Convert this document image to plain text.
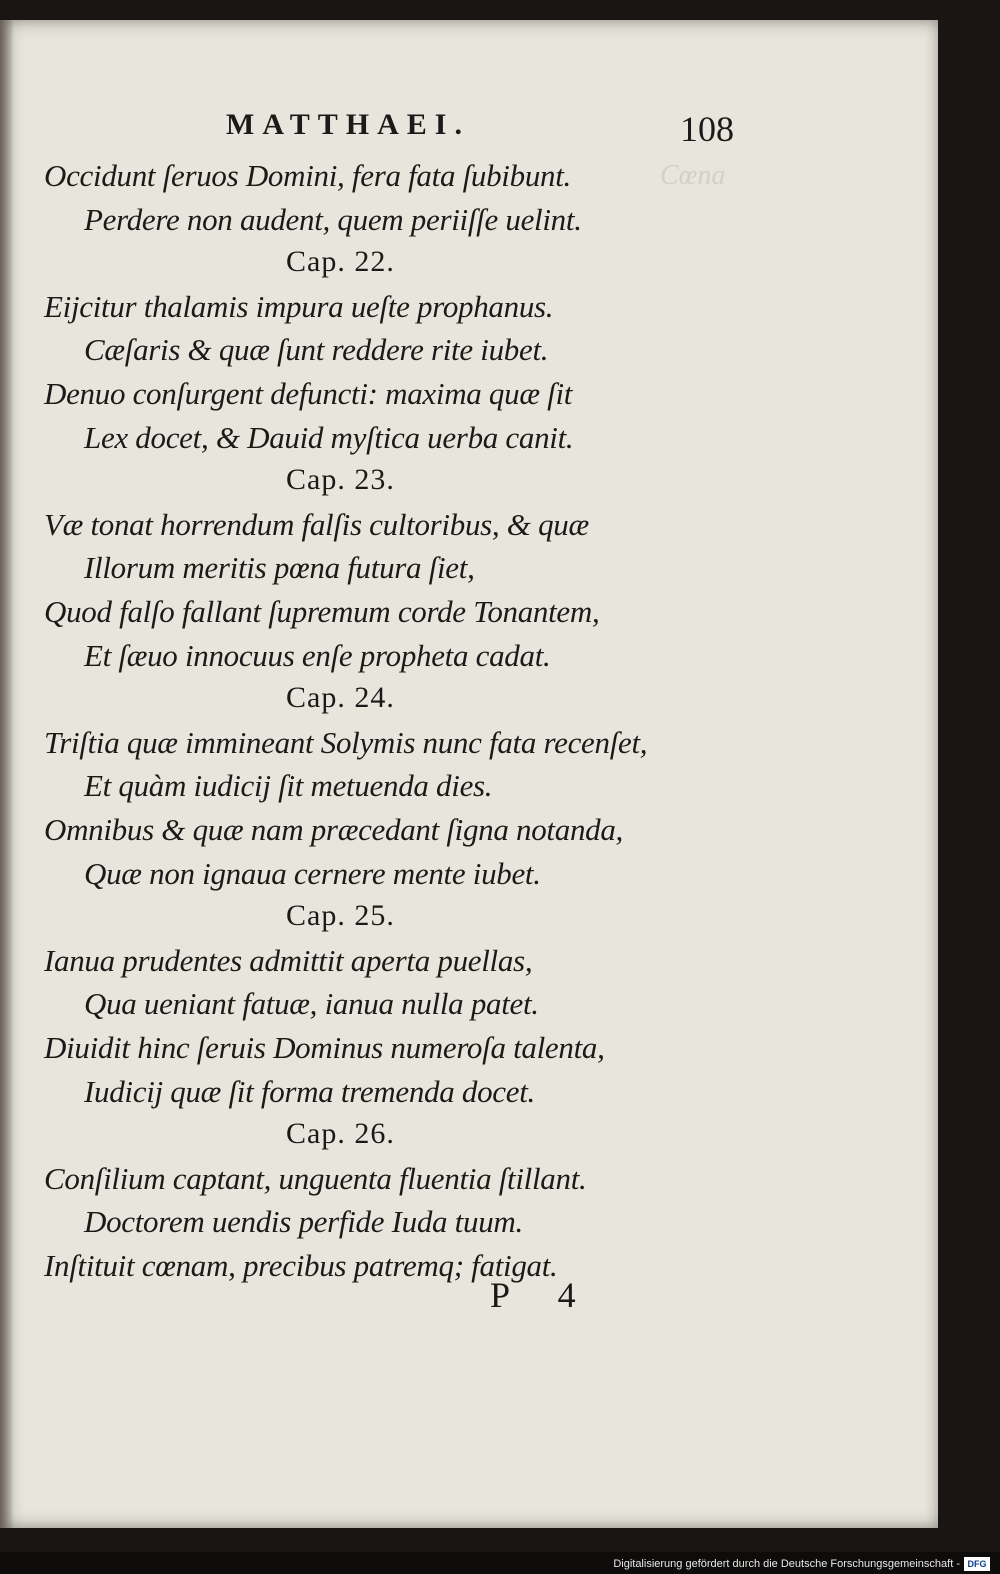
Cœna
MATTHAEI.	108
Occidunt ſeruos Domini, fera fata ſubibunt.
Perdere non audent, quem periiſſe uelint.
Cap. 22.
Eijcitur thalamis impura ueſte prophanus.
Cæſaris & quæ ſunt reddere rite iubet.
Denuo conſurgent defuncti: maxima quæ ſit
Lex docet, & Dauid myſtica uerba canit.
Cap. 23.
Væ tonat horrendum falſis cultoribus, & quæ
Illorum meritis pœna futura ſiet,
Quod falſo fallant ſupremum corde Tonantem,
Et ſæuo innocuus enſe propheta cadat.
Cap. 24.
Triſtia quæ immineant Solymis nunc fata recenſet,
Et quàm iudicij ſit metuenda dies.
Omnibus & quæ nam præcedant ſigna notanda,
Quæ non ignaua cernere mente iubet.
Cap. 25.
Ianua prudentes admittit aperta puellas,
Qua ueniant fatuæ, ianua nulla patet.
Diuidit hinc ſeruis Dominus numeroſa talenta,
Iudicij quæ ſit forma tremenda docet.
Cap. 26.
Conſilium captant, unguenta fluentia ſtillant.
Doctorem uendis perfide Iuda tuum.
Inſtituit cœnam, precibus patremq; fatigat.
P 4
Digitalisierung gefördert durch die Deutsche Forschungsgemeinschaft - DFG
